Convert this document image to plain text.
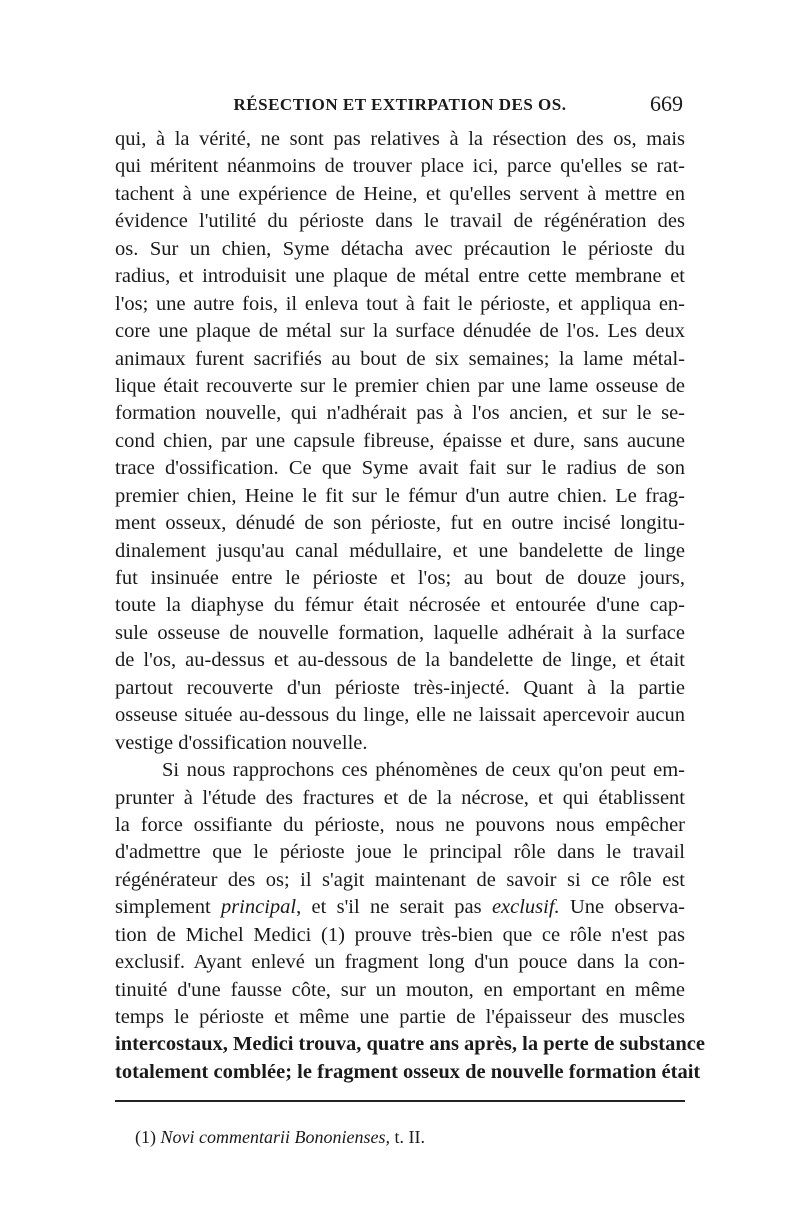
RÉSECTION ET EXTIRPATION DES OS.	669
qui, à la vérité, ne sont pas relatives à la résection des os, mais
qui méritent néanmoins de trouver place ici, parce qu'elles se rat-
tachent à une expérience de Heine, et qu'elles servent à mettre en
évidence l'utilité du périoste dans le travail de régénération des
os. Sur un chien, Syme détacha avec précaution le périoste du
radius, et introduisit une plaque de métal entre cette membrane et
l'os; une autre fois, il enleva tout à fait le périoste, et appliqua en-
core une plaque de métal sur la surface dénudée de l'os. Les deux
animaux furent sacrifiés au bout de six semaines; la lame métal-
lique était recouverte sur le premier chien par une lame osseuse de
formation nouvelle, qui n'adhérait pas à l'os ancien, et sur le se-
cond chien, par une capsule fibreuse, épaisse et dure, sans aucune
trace d'ossification. Ce que Syme avait fait sur le radius de son
premier chien, Heine le fit sur le fémur d'un autre chien. Le frag-
ment osseux, dénudé de son périoste, fut en outre incisé longitu-
dinalement jusqu'au canal médullaire, et une bandelette de linge
fut insinuée entre le périoste et l'os; au bout de douze jours,
toute la diaphyse du fémur était nécrosée et entourée d'une cap-
sule osseuse de nouvelle formation, laquelle adhérait à la surface
de l'os, au-dessus et au-dessous de la bandelette de linge, et était
partout recouverte d'un périoste très-injecté. Quant à la partie
osseuse située au-dessous du linge, elle ne laissait apercevoir aucun
vestige d'ossification nouvelle.
Si nous rapprochons ces phénomènes de ceux qu'on peut em-
prunter à l'étude des fractures et de la nécrose, et qui établissent
la force ossifiante du périoste, nous ne pouvons nous empêcher
d'admettre que le périoste joue le principal rôle dans le travail
régénérateur des os; il s'agit maintenant de savoir si ce rôle est
simplement principal, et s'il ne serait pas exclusif. Une observa-
tion de Michel Medici (1) prouve très-bien que ce rôle n'est pas
exclusif. Ayant enlevé un fragment long d'un pouce dans la con-
tinuité d'une fausse côte, sur un mouton, en emportant en même
temps le périoste et même une partie de l'épaisseur des muscles
intercostaux, Medici trouva, quatre ans après, la perte de substance
totalement comblée; le fragment osseux de nouvelle formation était
(1) Novi commentarii Bononienses, t. II.
